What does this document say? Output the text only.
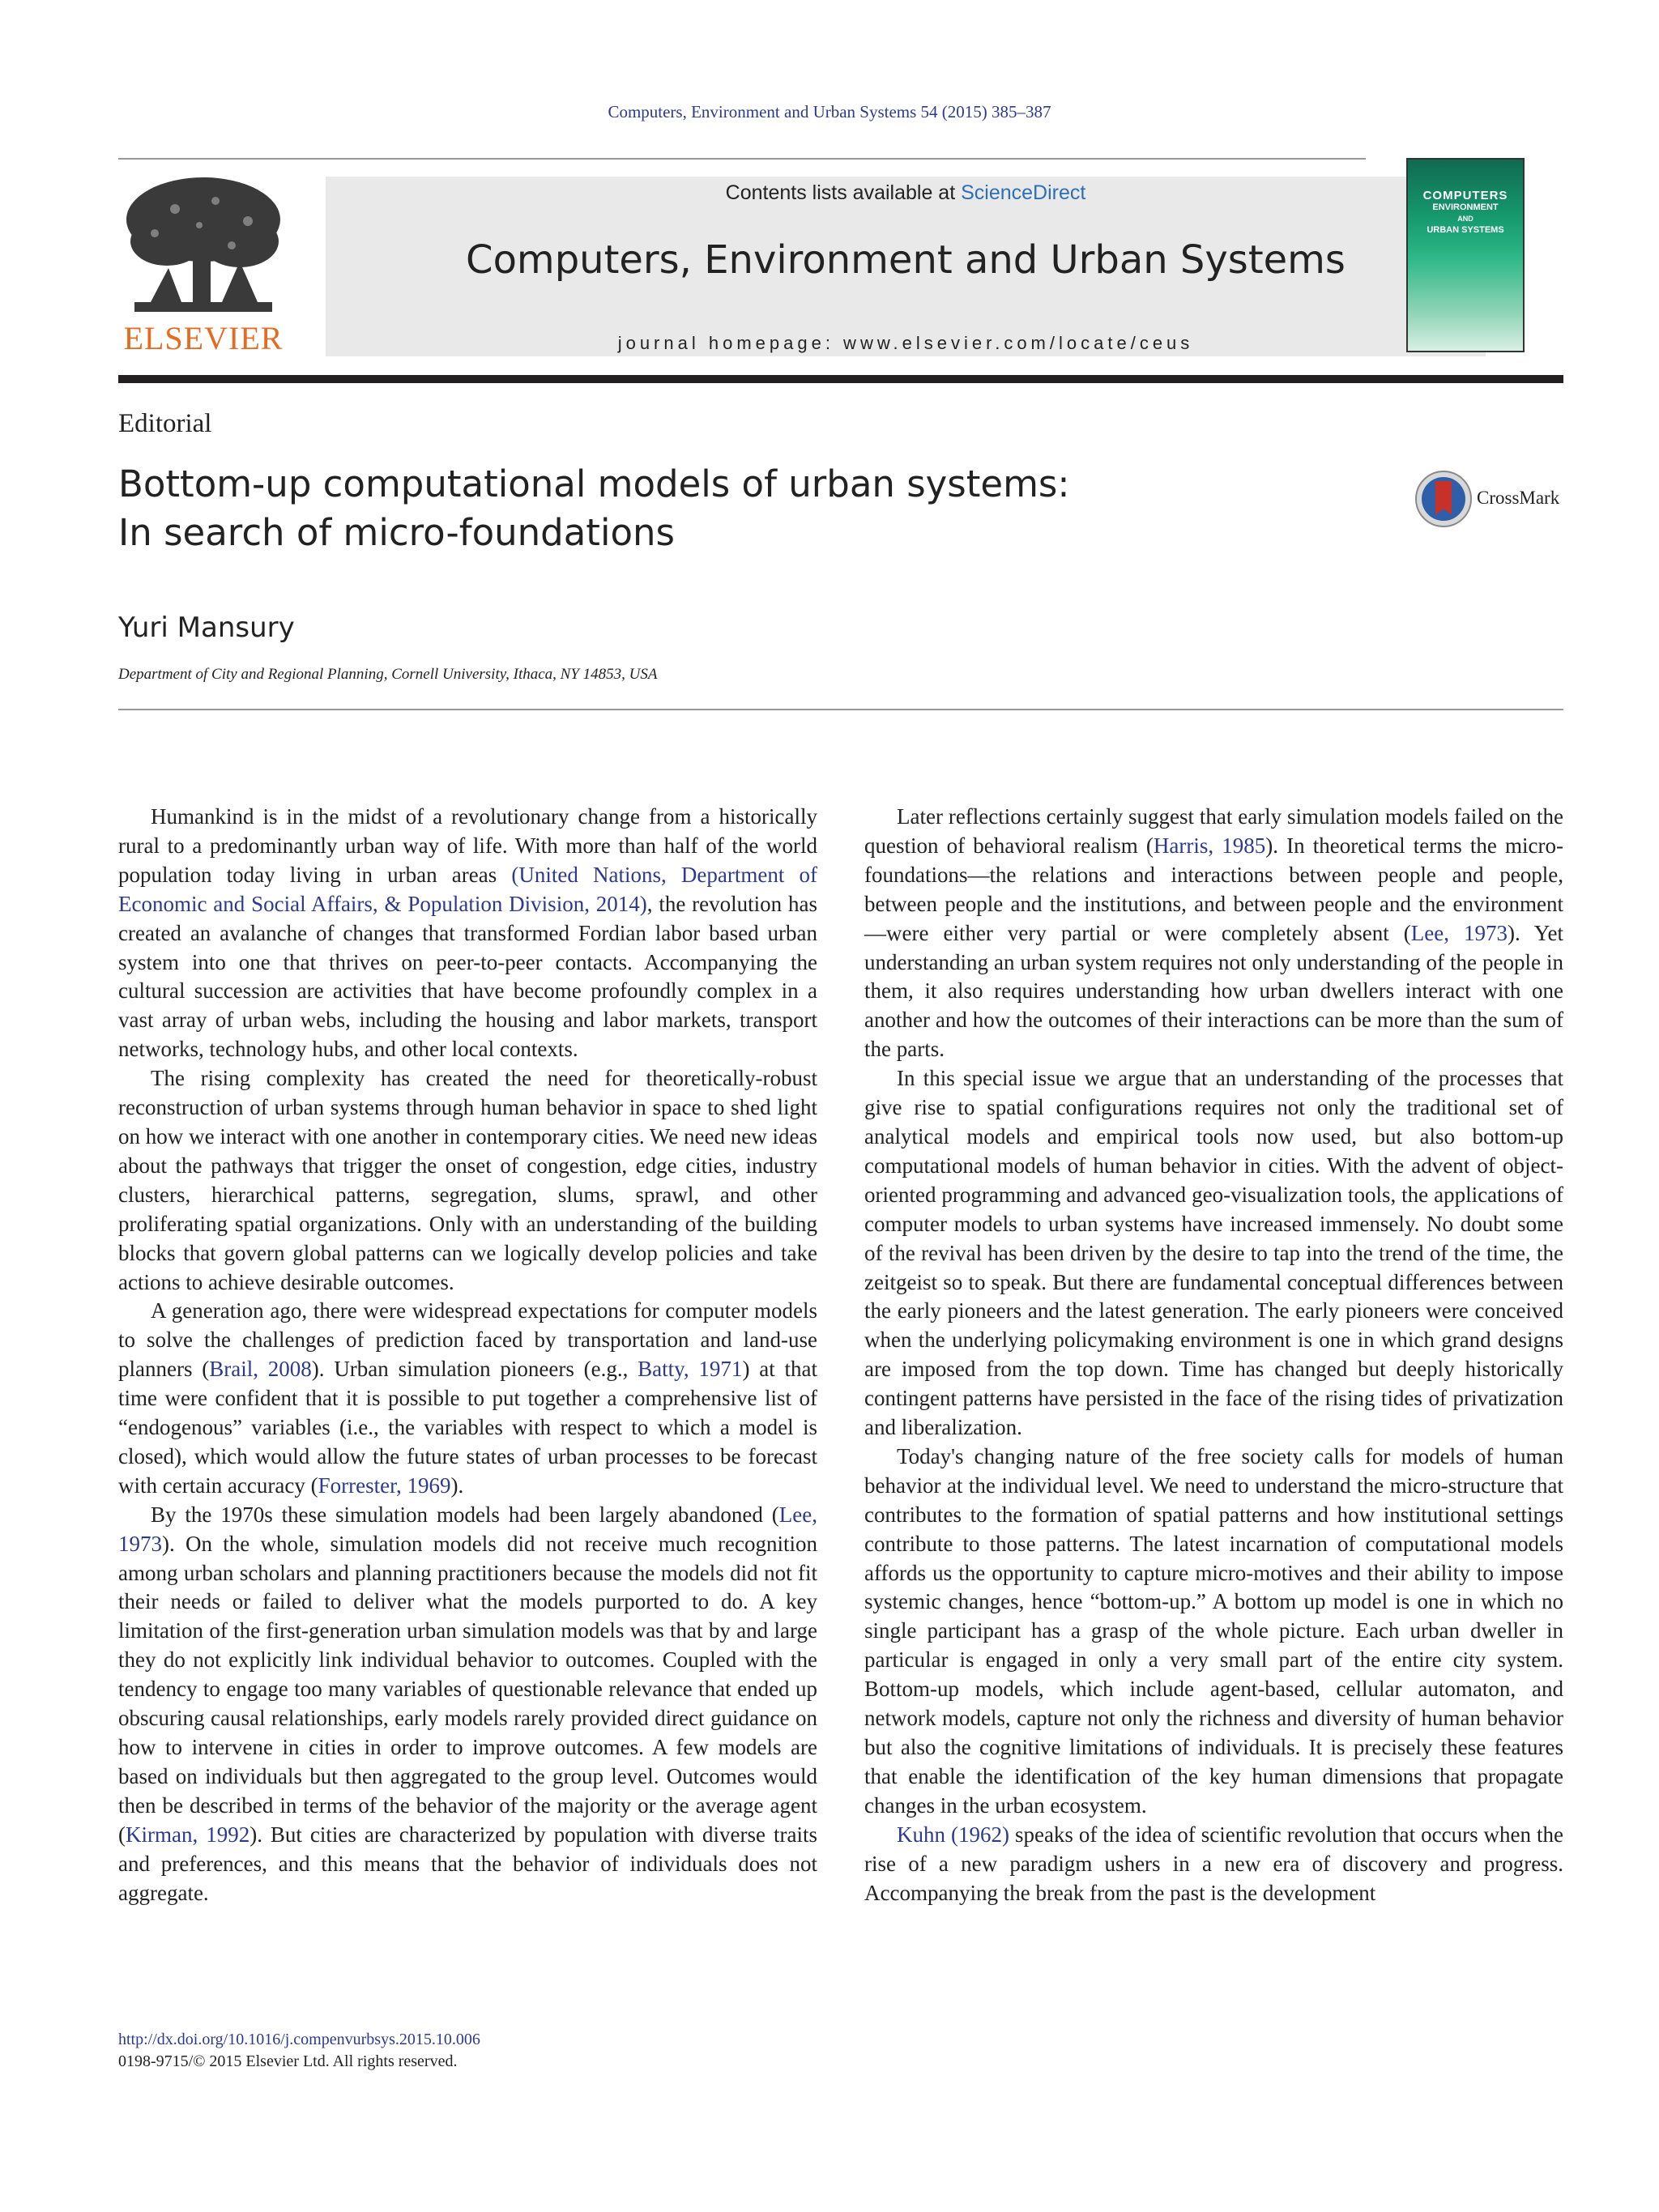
Computers, Environment and Urban Systems 54 (2015) 385–387
ELSEVIER
Contents lists available at ScienceDirect
Computers, Environment and Urban Systems
journal homepage: www.elsevier.com/locate/ceus
COMPUTERS
ENVIRONMENT
AND
URBAN SYSTEMS
Editorial
Bottom-up computational models of urban systems:
In search of micro-foundations
CrossMark
Yuri Mansury
Department of City and Regional Planning, Cornell University, Ithaca, NY 14853, USA

Humankind is in the midst of a revolutionary change from a historically rural to a predominantly urban way of life. With more than half of the world population today living in urban areas (United Nations, Department of Economic and Social Affairs, & Population Division, 2014), the revolution has created an avalanche of changes that transformed Fordian labor based urban system into one that thrives on peer-to-peer contacts. Accompanying the cultural succession are activities that have become profoundly complex in a vast array of urban webs, including the housing and labor markets, transport networks, technology hubs, and other local contexts.

The rising complexity has created the need for theoretically-robust reconstruction of urban systems through human behavior in space to shed light on how we interact with one another in contemporary cities. We need new ideas about the pathways that trigger the onset of congestion, edge cities, industry clusters, hierarchical patterns, segregation, slums, sprawl, and other proliferating spatial organizations. Only with an understanding of the building blocks that govern global patterns can we logically develop policies and take actions to achieve desirable outcomes.

A generation ago, there were widespread expectations for computer models to solve the challenges of prediction faced by transportation and land-use planners (Brail, 2008). Urban simulation pioneers (e.g., Batty, 1971) at that time were confident that it is possible to put together a comprehensive list of “endogenous” variables (i.e., the variables with respect to which a model is closed), which would allow the future states of urban processes to be forecast with certain accuracy (Forrester, 1969).

By the 1970s these simulation models had been largely abandoned (Lee, 1973). On the whole, simulation models did not receive much recognition among urban scholars and planning practitioners because the models did not fit their needs or failed to deliver what the models purported to do. A key limitation of the first-generation urban simulation models was that by and large they do not explicitly link individual behavior to outcomes. Coupled with the tendency to engage too many variables of questionable relevance that ended up obscuring causal relationships, early models rarely provided direct guidance on how to intervene in cities in order to improve outcomes. A few models are based on individuals but then aggregated to the group level. Outcomes would then be described in terms of the behavior of the majority or the average agent (Kirman, 1992). But cities are characterized by population with diverse traits and preferences, and this means that the behavior of individuals does not aggregate.

Later reflections certainly suggest that early simulation models failed on the question of behavioral realism (Harris, 1985). In theoretical terms the micro-foundations—the relations and interactions between people and people, between people and the institutions, and between people and the environment—were either very partial or were completely absent (Lee, 1973). Yet understanding an urban system requires not only understanding of the people in them, it also requires understanding how urban dwellers interact with one another and how the outcomes of their interactions can be more than the sum of the parts.

In this special issue we argue that an understanding of the processes that give rise to spatial configurations requires not only the traditional set of analytical models and empirical tools now used, but also bottom-up computational models of human behavior in cities. With the advent of object-oriented programming and advanced geo-visualization tools, the applications of computer models to urban systems have increased immensely. No doubt some of the revival has been driven by the desire to tap into the trend of the time, the zeitgeist so to speak. But there are fundamental conceptual differences between the early pioneers and the latest generation. The early pioneers were conceived when the underlying policymaking environment is one in which grand designs are imposed from the top down. Time has changed but deeply historically contingent patterns have persisted in the face of the rising tides of privatization and liberalization.

Today's changing nature of the free society calls for models of human behavior at the individual level. We need to understand the micro-structure that contributes to the formation of spatial patterns and how institutional settings contribute to those patterns. The latest incarnation of computational models affords us the opportunity to capture micro-motives and their ability to impose systemic changes, hence “bottom-up.” A bottom up model is one in which no single participant has a grasp of the whole picture. Each urban dweller in particular is engaged in only a very small part of the entire city system. Bottom-up models, which include agent-based, cellular automaton, and network models, capture not only the richness and diversity of human behavior but also the cognitive limitations of individuals. It is precisely these features that enable the identification of the key human dimensions that propagate changes in the urban ecosystem.

Kuhn (1962) speaks of the idea of scientific revolution that occurs when the rise of a new paradigm ushers in a new era of discovery and progress. Accompanying the break from the past is the development

http://dx.doi.org/10.1016/j.compenvurbsys.2015.10.006
0198-9715/© 2015 Elsevier Ltd. All rights reserved.
